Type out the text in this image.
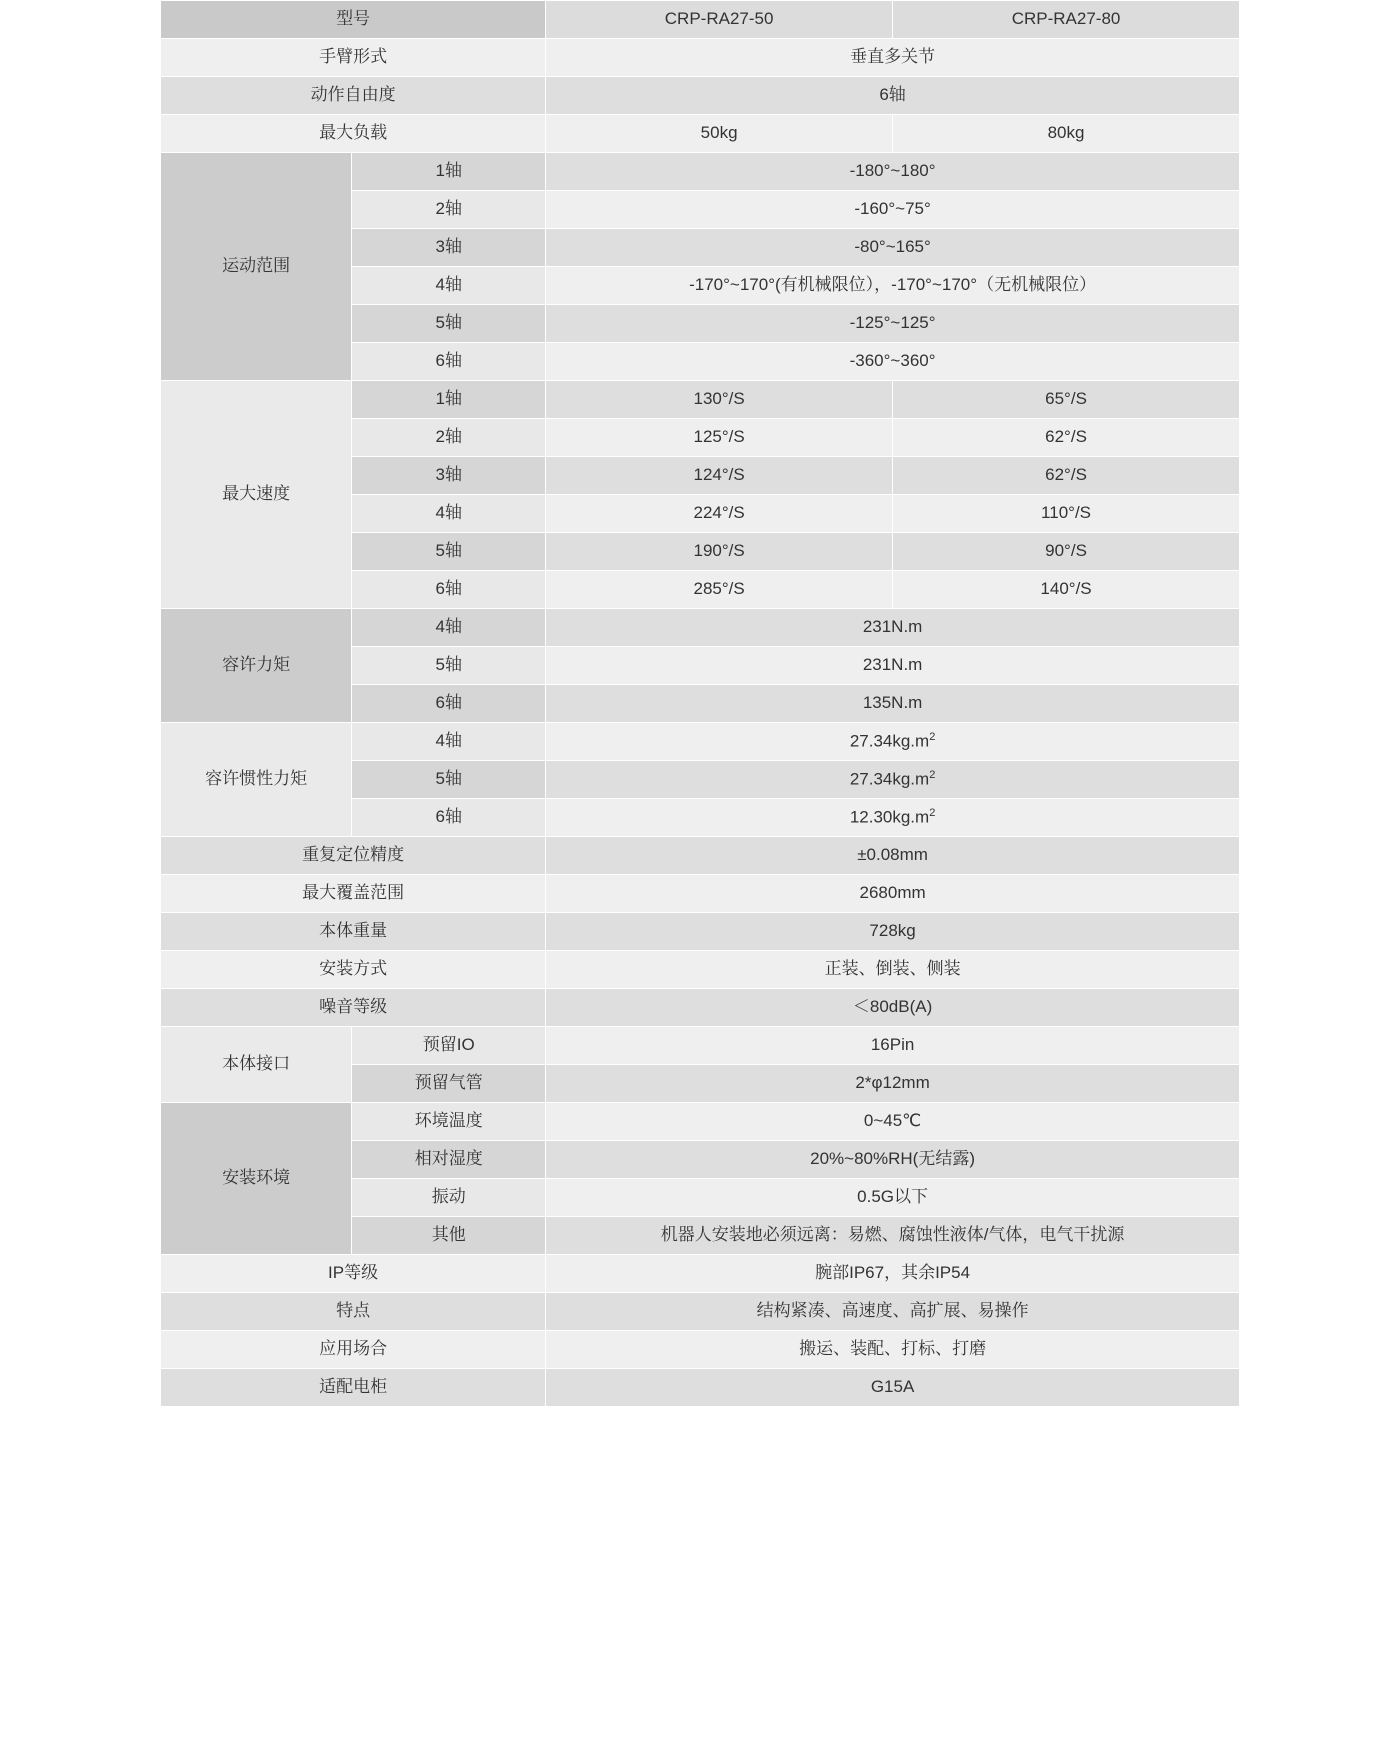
型号		CRP-RA27-50	CRP-RA27-80
手臂形式		垂直多关节	
动作自由度		6轴	
最大负载		50kg	80kg
运动范围	1轴	-180°~180°	
	2轴	-160°~75°	
	3轴	-80°~165°	
	4轴	-170°~170°(有机械限位），-170°~170°（无机械限位）	
	5轴	-125°~125°	
	6轴	-360°~360°	
最大速度	1轴	130°/S	65°/S
	2轴	125°/S	62°/S
	3轴	124°/S	62°/S
	4轴	224°/S	110°/S
	5轴	190°/S	90°/S
	6轴	285°/S	140°/S
容许力矩	4轴	231N.m	
	5轴	231N.m	
	6轴	135N.m	
容许惯性力矩	4轴	$27.34kg.m^2$
	5轴	$27.34kg.m^2$
	6轴	$12.30kg.m^2$
重复定位精度		±0.08mm	
最大覆盖范围		2680mm	
本体重量		728kg	
安装方式		正装、倒装、侧装	
噪音等级		＜80dB(A)	
本体接口	预留IO	16Pin	
	预留气管	2*φ12mm	
安装环境	环境温度	0~45℃	
	相对湿度	20%~80%RH(无结露)	
	振动	0.5G以下	
	其他	机器人安装地必须远离：易燃、腐蚀性液体/气体，电气干扰源	
IP等级		腕部IP67，其余IP54	
特点		结构紧凑、高速度、高扩展、易操作	
应用场合		搬运、装配、打标、打磨	
适配电柜		G15A	
